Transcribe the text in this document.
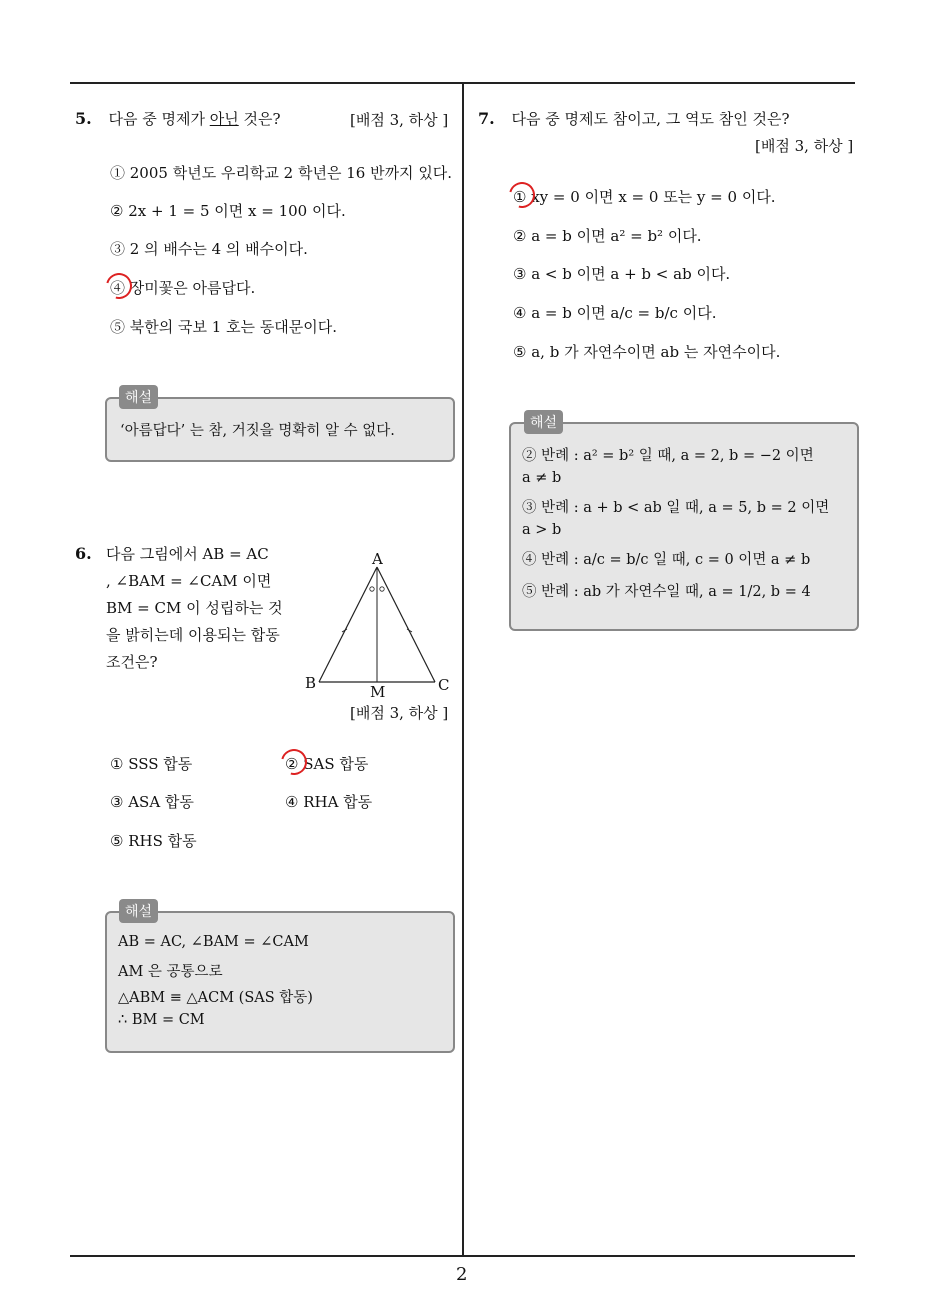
2
5. 다음 중 명제가 아닌 것은?	[배점 3, 하상 ]
① 2005 학년도 우리학교 2 학년은 16 반까지 있다.
② 2x + 1 = 5 이면 x = 100 이다.
③ 2 의 배수는 4 의 배수이다.
④ 장미꽃은 아름답다.
⑤ 북한의 국보 1 호는 동대문이다.
해설
‘아름답다’ 는 참, 거짓을 명확히 알 수 없다.
6. 다음 그림에서 AB = AC
, ∠BAM = ∠CAM 이면
BM = CM 이 성립하는 것
을 밝히는데 이용되는 합동
조건은?
A
B	C
M
[배점 3, 하상 ]
① SSS 합동	② SAS 합동
③ ASA 합동	④ RHA 합동
⑤ RHS 합동
해설
AB = AC, ∠BAM = ∠CAM
AM 은 공통으로
△ABM ≡ △ACM (SAS 합동)
∴ BM = CM
7. 다음 중 명제도 참이고, 그 역도 참인 것은?
[배점 3, 하상 ]
① xy = 0 이면 x = 0 또는 y = 0 이다.
② a = b 이면 a² = b² 이다.
③ a < b 이면 a + b < ab 이다.
④ a = b 이면 a/c = b/c 이다.
⑤ a, b 가 자연수이면 ab 는 자연수이다.
해설
② 반례 : a² = b² 일 때, a = 2, b = −2 이면
a ≠ b
③ 반례 : a + b < ab 일 때, a = 5, b = 2 이면
a > b
④ 반례 : a/c = b/c 일 때, c = 0 이면 a ≠ b
⑤ 반례 : ab 가 자연수일 때, a = 1/2, b = 4
